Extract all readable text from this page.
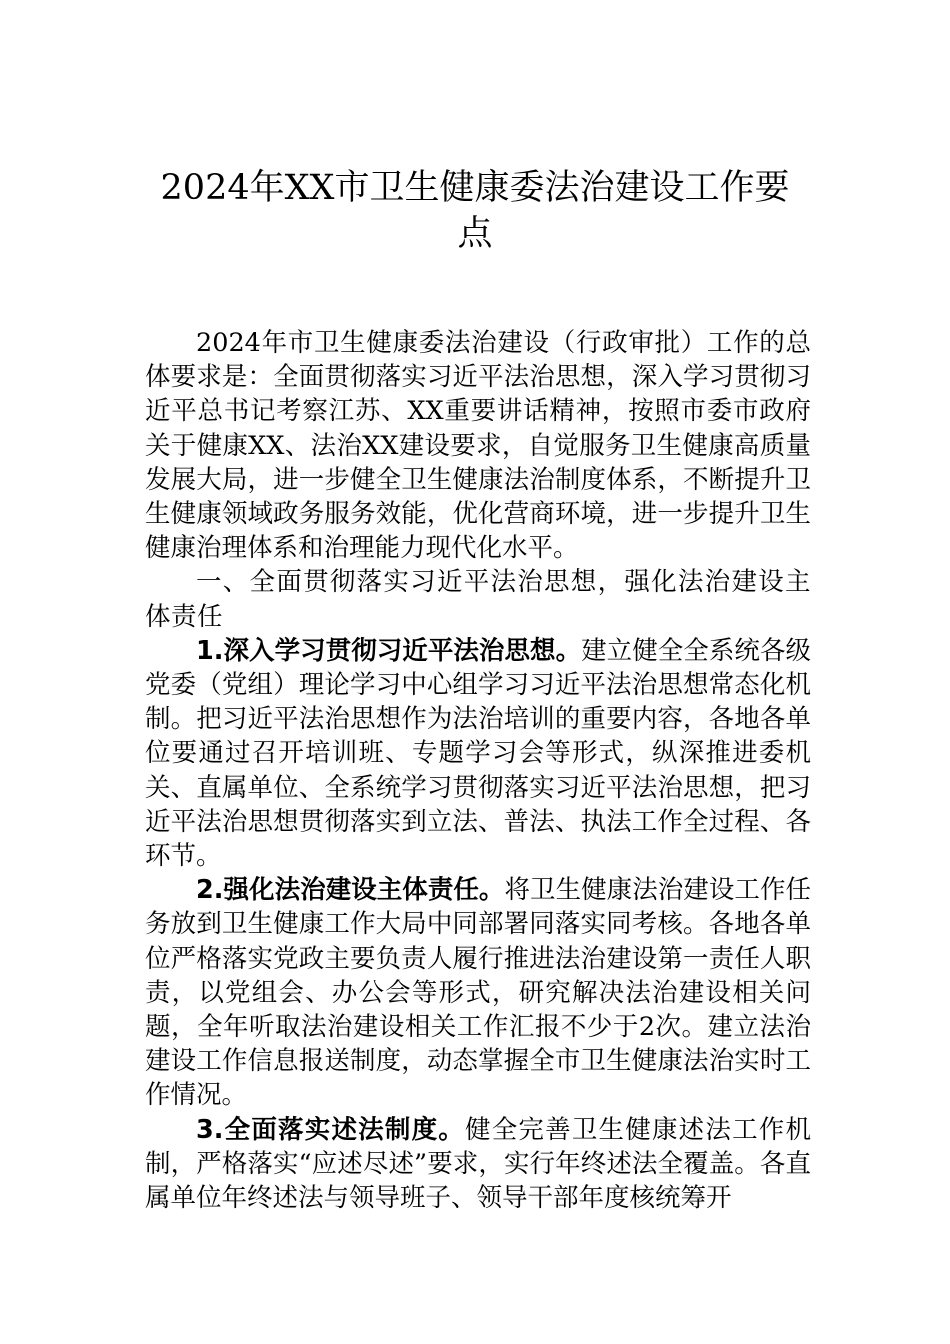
2024年XX市卫生健康委法治建设工作要
点

2024年市卫生健康委法治建设（行政审批）工作的总体要求是：全面贯彻落实习近平法治思想，深入学习贯彻习近平总书记考察江苏、XX重要讲话精神，按照市委市政府关于健康XX、法治XX建设要求，自觉服务卫生健康高质量发展大局，进一步健全卫生健康法治制度体系，不断提升卫生健康领域政务服务效能，优化营商环境，进一步提升卫生健康治理体系和治理能力现代化水平。

一、全面贯彻落实习近平法治思想，强化法治建设主体责任

1.深入学习贯彻习近平法治思想。建立健全全系统各级党委（党组）理论学习中心组学习习近平法治思想常态化机制。把习近平法治思想作为法治培训的重要内容，各地各单位要通过召开培训班、专题学习会等形式，纵深推进委机关、直属单位、全系统学习贯彻落实习近平法治思想，把习近平法治思想贯彻落实到立法、普法、执法工作全过程、各环节。

2.强化法治建设主体责任。将卫生健康法治建设工作任务放到卫生健康工作大局中同部署同落实同考核。各地各单位严格落实党政主要负责人履行推进法治建设第一责任人职责，以党组会、办公会等形式，研究解决法治建设相关问题，全年听取法治建设相关工作汇报不少于2次。建立法治建设工作信息报送制度，动态掌握全市卫生健康法治实时工作情况。

3.全面落实述法制度。健全完善卫生健康述法工作机制，严格落实“应述尽述”要求，实行年终述法全覆盖。各直属单位年终述法与领导班子、领导干部年度核统筹开
